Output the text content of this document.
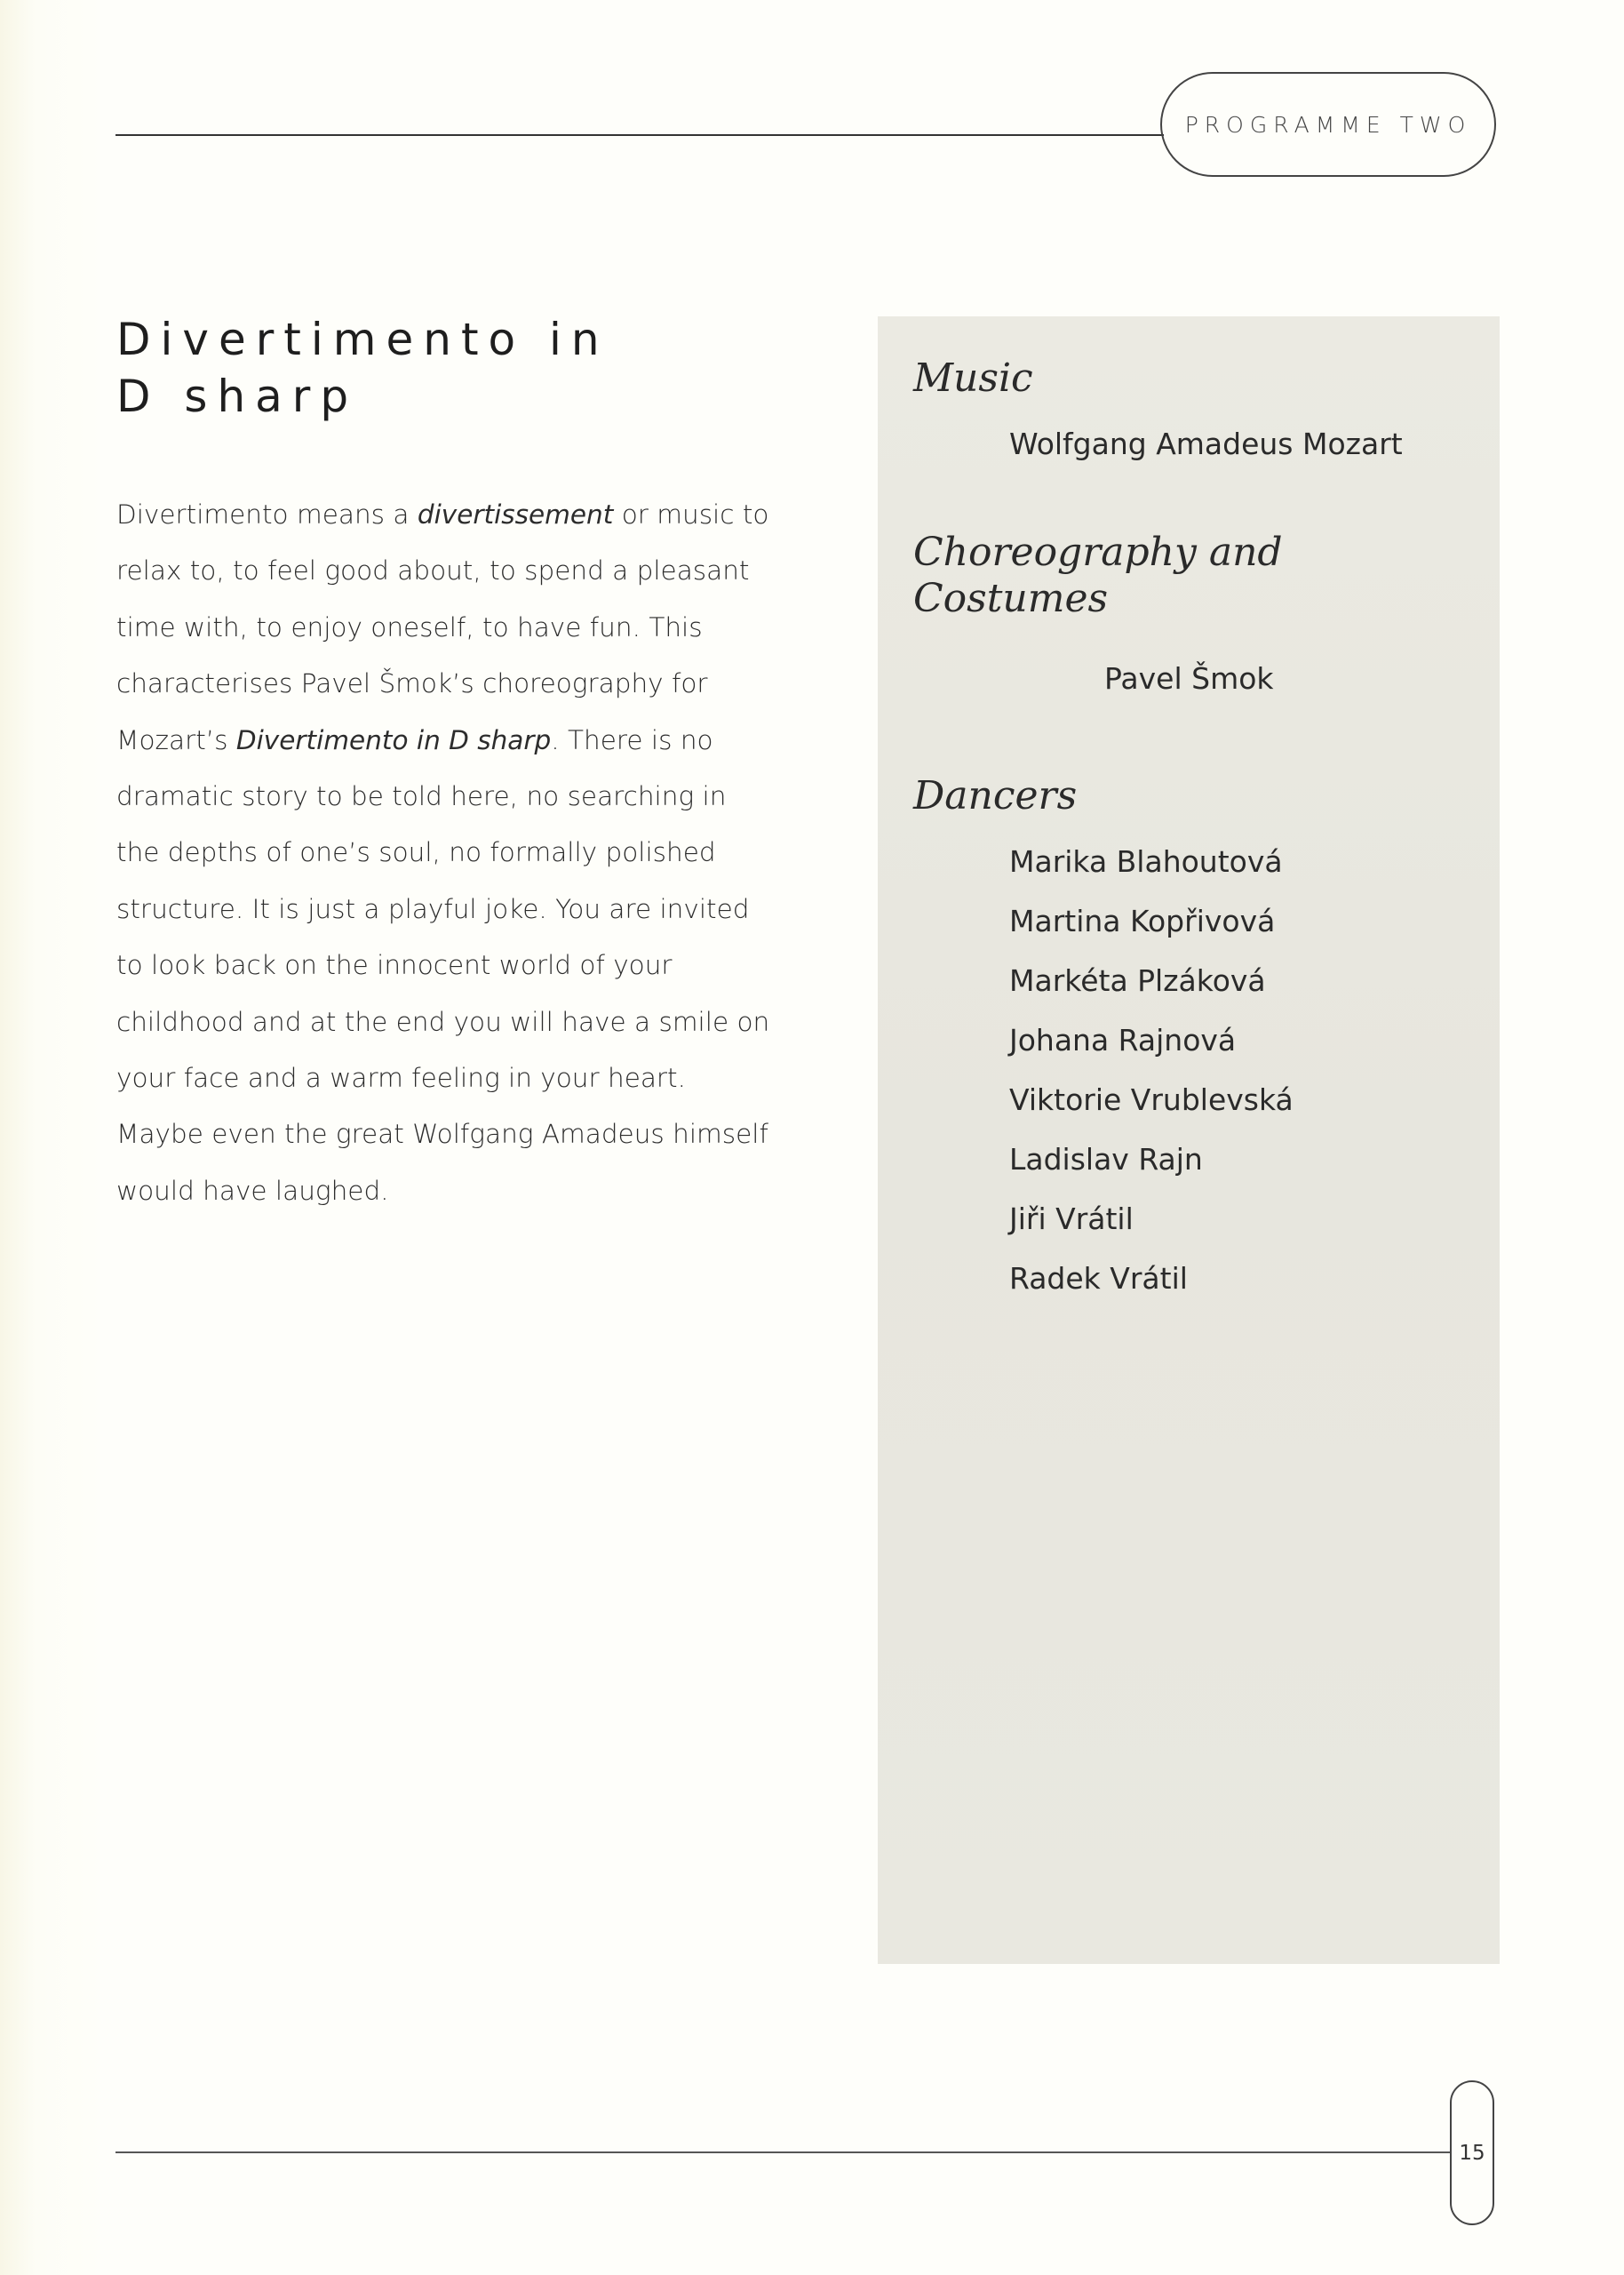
PROGRAMME TWO
Divertimento in
D sharp

Divertimento means a divertissement or music to relax to, to feel good about, to spend a pleasant time with, to enjoy oneself, to have fun. This characterises Pavel Šmok’s choreography for Mozart’s Divertimento in D sharp. There is no dramatic story to be told here, no searching in the depths of one’s soul, no formally polished structure. It is just a playful joke. You are invited to look back on the innocent world of your childhood and at the end you will have a smile on your face and a warm feeling in your heart. Maybe even the great Wolfgang Amadeus himself would have laughed.

Music

Wolfgang Amadeus Mozart

Choreography and
Costumes

Pavel Šmok

Dancers

Marika Blahoutová

Martina Kopřivová

Markéta Plzáková

Johana Rajnová

Viktorie Vrublevská

Ladislav Rajn

Jiři Vrátil

Radek Vrátil

15
